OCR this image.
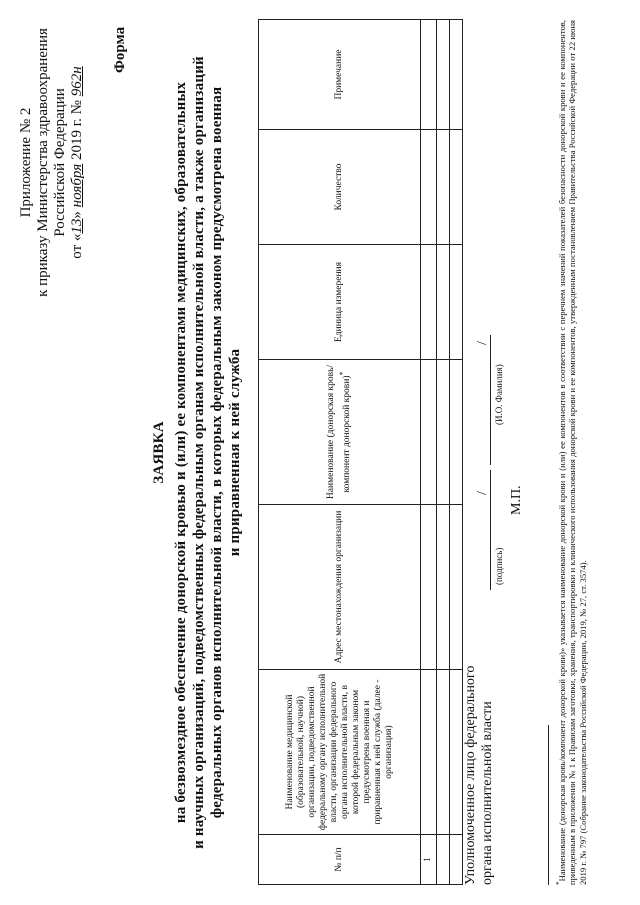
Приложение № 2 к приказу Министерства здравоохранения Российской Федерации
от «13» ноября 2019 г. № 962н
Форма
ЗАЯВКА на безвозмездное обеспечение донорской кровью и (или) ее компонентами медицинских, образовательных и научных организаций, подведомственных федеральным органам исполнительной власти, а также организаций федеральных органов исполнительной власти, в которых федеральным законом предусмотрена военная и приравненная к ней служба
№ п/п	Наименование медицинской (образовательной, научной) организации, подведомственной федеральному органу исполнительной власти, организации федерального органа исполнительной власти, в которой федеральным законом предусмотрена военная и приравненная к ней служба (далее - организация)	Адрес местонахождения организации	Наименование (донорская кровь/компонент донорской крови)*	Единица измерения	Количество	Примечание
1						

						Уполномоченное лицо федерального органа исполнительной власти
/
/
(подпись)
(И.О. Фамилия)
М.П.
*Наименование (донорская кровь/компонент донорской крови)» указывается наименование донорской крови и (или) ее компонентов в соответствии с перечнем значений показателей безопасности донорской крови и ее компонентов, приведенным в приложении № 1 к Правилам заготовки, хранения, транспортировки и клинического использования донорской крови и ее компонентов, утвержденным постановлением Правительства Российской Федерации от 22 июня 2019 г. № 797 (Собрание законодательства Российской Федерации, 2019, № 27, ст. 3574).
